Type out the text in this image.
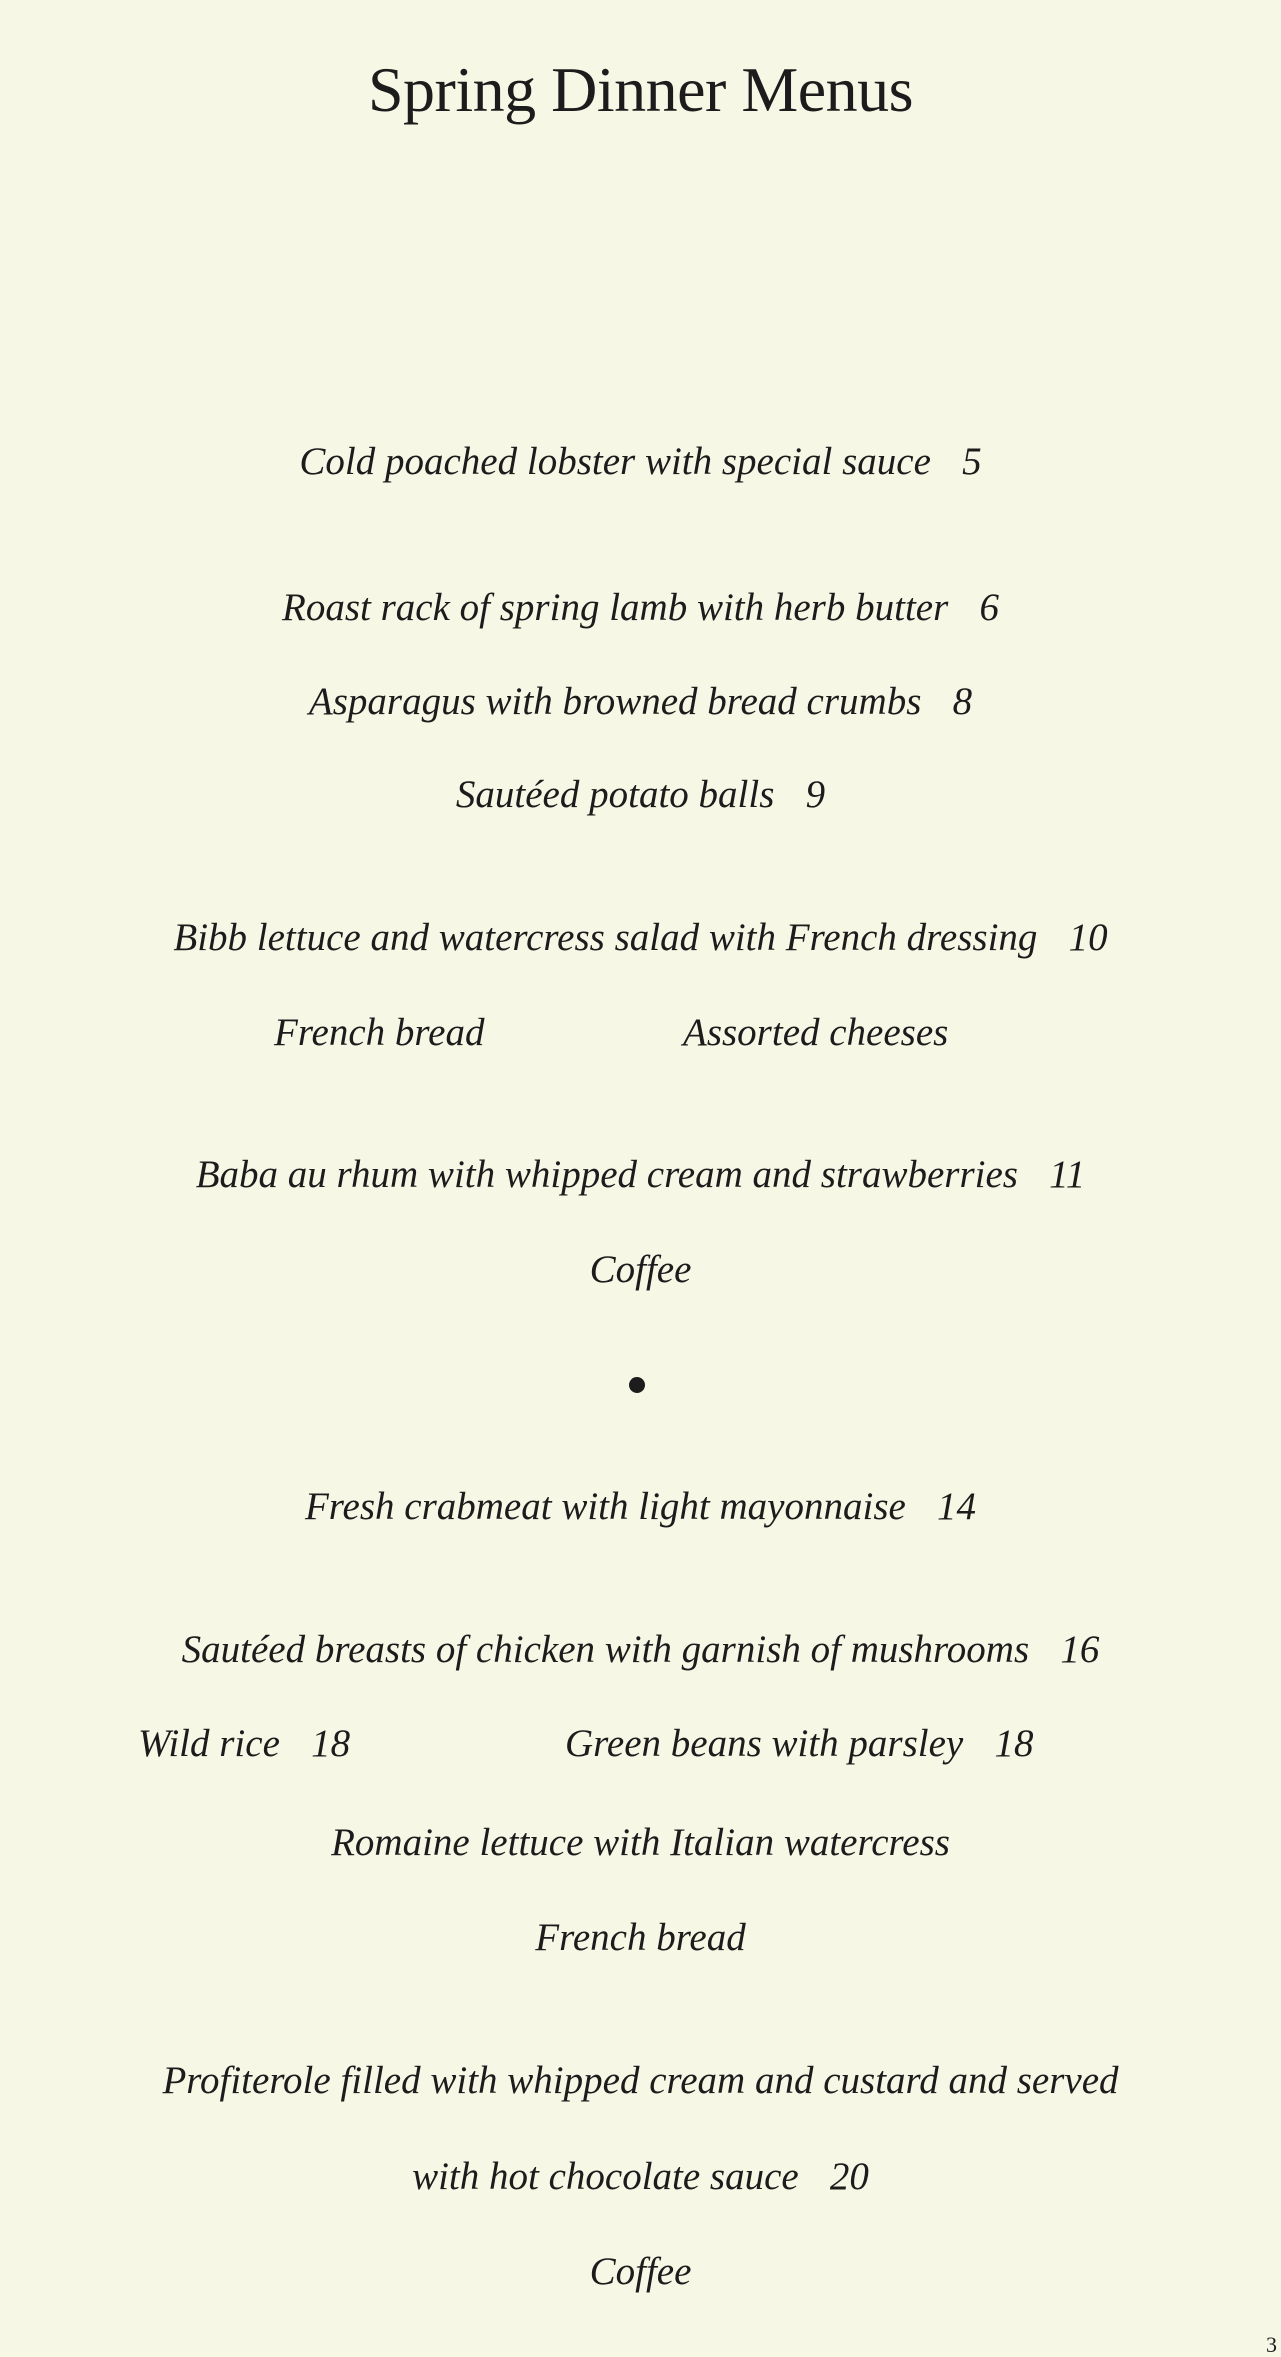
Spring Dinner Menus
Cold poached lobster with special sauce 5
Roast rack of spring lamb with herb butter 6
Asparagus with browned bread crumbs 8
Sautéed potato balls 9
Bibb lettuce and watercress salad with French dressing 10
French bread	Assorted cheeses
Baba au rhum with whipped cream and strawberries 11
Coffee
Fresh crabmeat with light mayonnaise 14
Sautéed breasts of chicken with garnish of mushrooms 16
Wild rice 18	Green beans with parsley 18
Romaine lettuce with Italian watercress
French bread
Profiterole filled with whipped cream and custard and served
with hot chocolate sauce 20
Coffee
3
